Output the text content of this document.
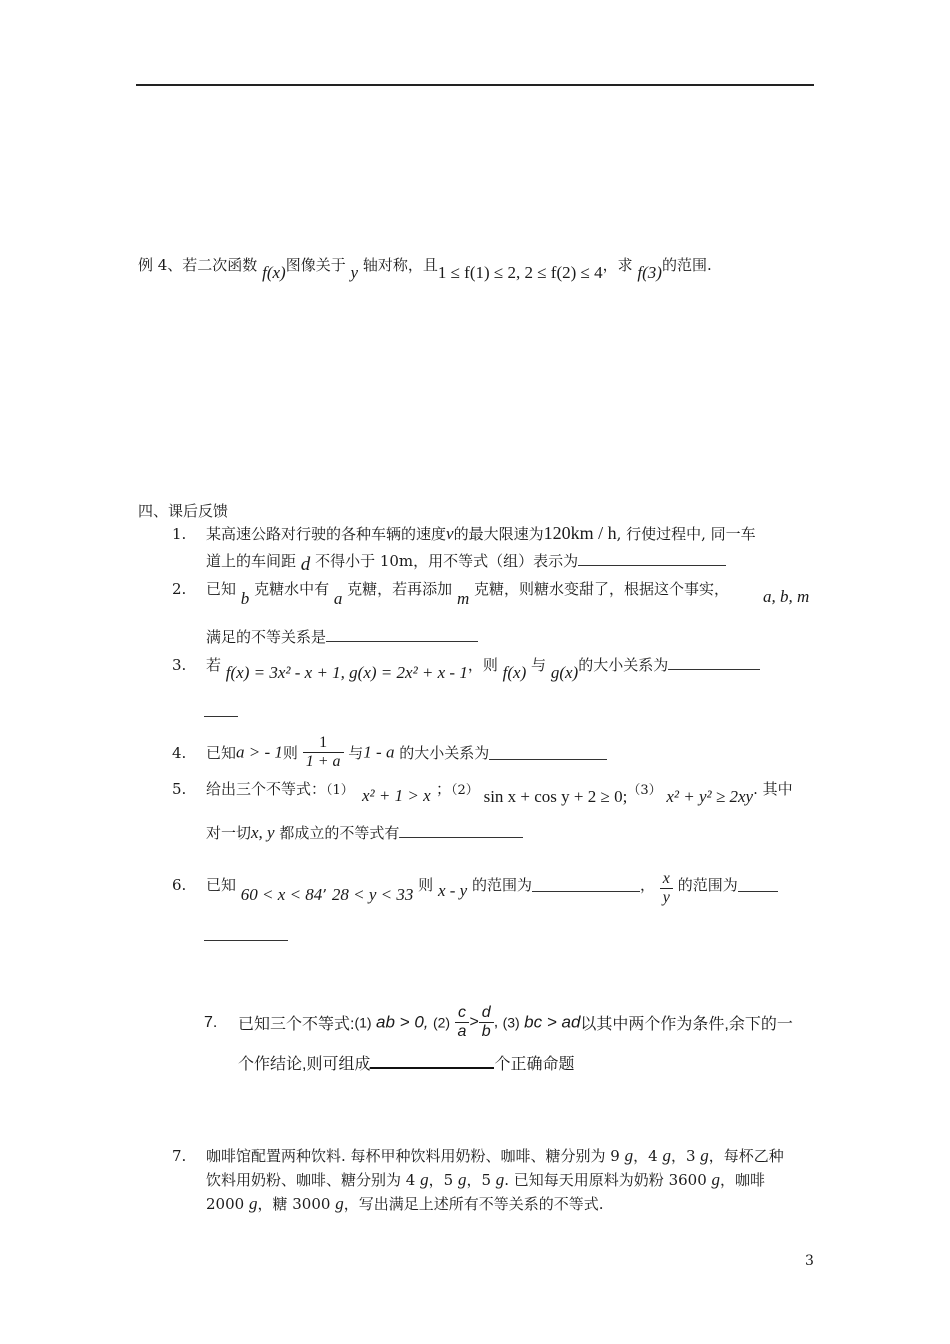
例 4、若二次函数 f(x)图像关于 y 轴对称，且1 ≤ f(1) ≤ 2, 2 ≤ f(2) ≤ 4，求 f(3)的范围.
四、课后反馈
1. 某高速公路对行驶的各种车辆的速度v的最大限速为120km / h, 行使过程中, 同一车
道上的车间距 d 不得小于 10m，用不等式（组）表示为
2. 已知 b 克糖水中有 a 克糖，若再添加 m 克糖，则糖水变甜了，根据这个事实， a, b, m
满足的不等关系是
3. 若 f(x) = 3x² - x + 1, g(x) = 2x² + x - 1，则 f(x) 与 g(x)的大小关系为
4. 已知a > - 1则 $\frac{1}{1 + a}$ 与1 - a 的大小关系为
5. 给出三个不等式：（1） x² + 1 > x ；（2） sin x + cos y + 2 ≥ 0;（3） x² + y² ≥ 2xy. 其中
对一切x, y 都成立的不等式有
6. 已知 60 < x < 84’ 28 < y < 33 则 x - y 的范围为	， $\frac{x}{y}$ 的范围为
7. 已知三个不等式:(1) ab > 0, $(2) \frac{c}{a} > \frac{d}{b}$ , (3) bc > ad以其中两个作为条件,余下的一
个作结论,则可组成	个正确命题
7. 咖啡馆配置两种饮料. 每杯甲种饮料用奶粉、咖啡、糖分别为 9 g，4 g，3 g，每杯乙种
饮料用奶粉、咖啡、糖分别为 4 g，5 g，5 g. 已知每天用原料为奶粉 3600 g，咖啡
2000 g，糖 3000 g，写出满足上述所有不等关系的不等式.
3
